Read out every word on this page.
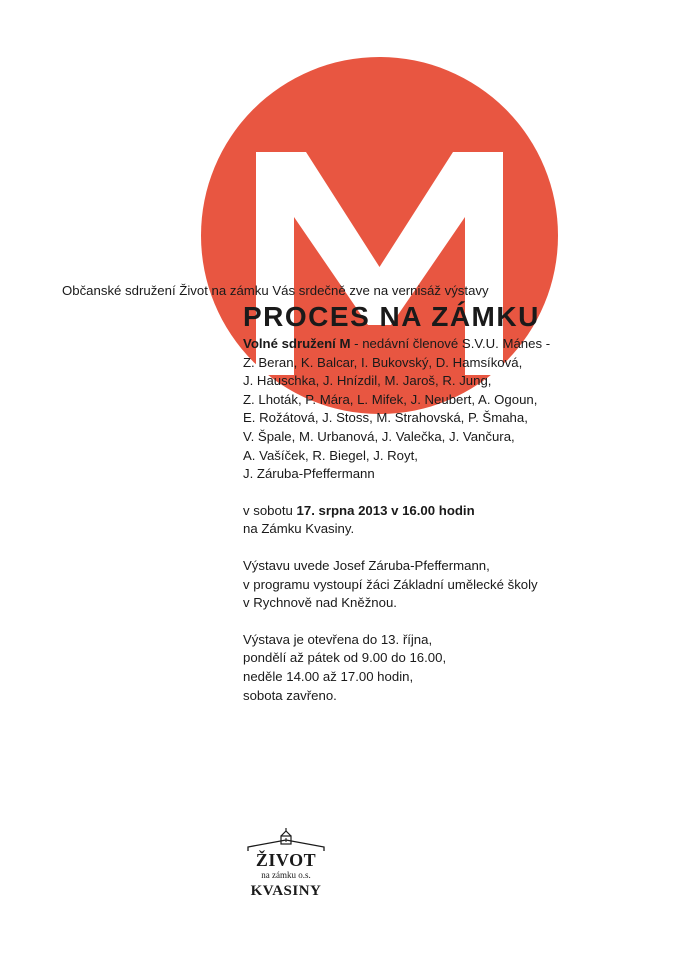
Občanské sdružení Život na zámku Vás srdečně zve na vernisáž výstavy
PROCES NA ZÁMKU

Volné sdružení M - nedávní členové S.V.U. Mánes -
Z. Beran, K. Balcar, I. Bukovský, D. Hamsíková,
J. Hauschka, J. Hnízdil, M. Jaroš, R. Jung,
Z. Lhoták, P. Mára, L. Mifek, J. Neubert, A. Ogoun,
E. Rožátová, J. Stoss, M. Strahovská, P. Šmaha,
V. Špale, M. Urbanová, J. Valečka, J. Vančura,
A. Vašíček, R. Biegel, J. Royt,
J. Záruba-Pfeffermann

v sobotu 17. srpna 2013 v 16.00 hodin
na Zámku Kvasiny.

Výstavu uvede Josef Záruba-Pfeffermann,
v programu vystoupí žáci Základní umělecké školy
v Rychnově nad Kněžnou.

Výstava je otevřena do 13. října,
pondělí až pátek od 9.00 do 16.00,
neděle 14.00 až 17.00 hodin,
sobota zavřeno.

ŽIVOT
na zámku o.s.
KVASINY
